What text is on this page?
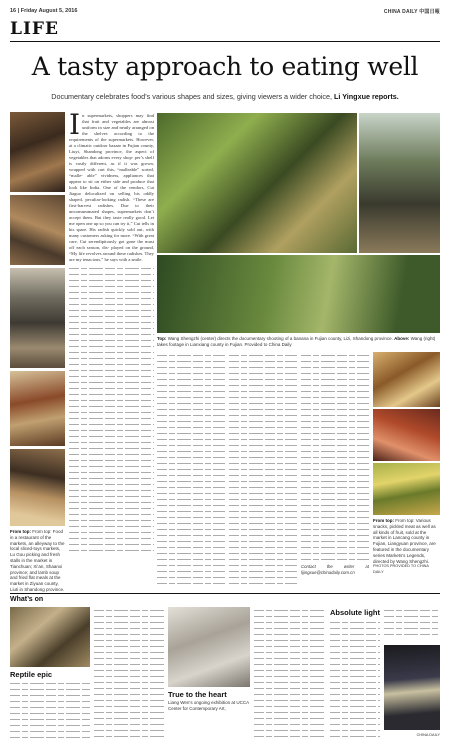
16 | Friday August 5, 2016	CHINA DAILY 中国日報
LIFE
A tasty approach to eating well
Documentary celebrates food’s various shapes and sizes, giving viewers a wider choice, Li Yingxue reports.
From top: From top: Food in a restaurant of the markets, an alleyway to the local sliced-toys markets, Lu Gou picking and fresh stalls in the market in Tianchuan; Xi’an, Shaanxi province; and lamb soup and fried flat meals at the market in Ziyuan county, Liuti in Shandong province.
I n supermarkets, shoppers may find that fruit and vegetables are almost uniform in size and neatly arranged on the shelves according to the requirements of the supermarkets. However, at a climatic outdoor bazaar in Fujian county, Liuyi, Shandong province, the aspect of vegetables that adorns every shop- per’s shelf is vastly different, as if it was grown, wrapped with cart this, “malleable” sorted, “malle- able” vividness, appliances that appear to sit on either side and produce that look like India. One of the vendors, Cui Jiaguo delocalized on selling his oddly shaped, peculiar-looking radish. “These are first-harvest radishes. Due to their unconsummated shapes, supermarkets don’t accept them. But they taste really good. Let me open one up so you can try it,” Cui tells in his spare. His radish quickly sold out, with many customers asking for more. “With great care, Cui serendipitously got gone the must off each season, dis- played on the ground, “My life revolves around these radishes. They are my tenacious,” he says with a smile.
Top: Wang Shengzhi (center) directs the documentary shooting of a banana in Fujian county, Lizi, Shandong province. Above: Wang (right) takes footage in Lianxiang county in Fujian. Provided to China Daily
Contact the writer at lijingxue@chinadaily.com.cn
From top: From top: Various snacks, pickled meat as well as all kinds of fruit, sold at the market in Lancang county in Fujian, Liangyuan province, are featured in the documentary series Markets’s Legends, directed by Wang Shengzhi.
PHOTOS PROVIDED TO CHINA DAILY
What’s on
Reptile epic
True to the heart
Liang Wen’s ongoing exhibition at UCCA Center for Contemporary Art,
Absolute light
CHINA DAILY
